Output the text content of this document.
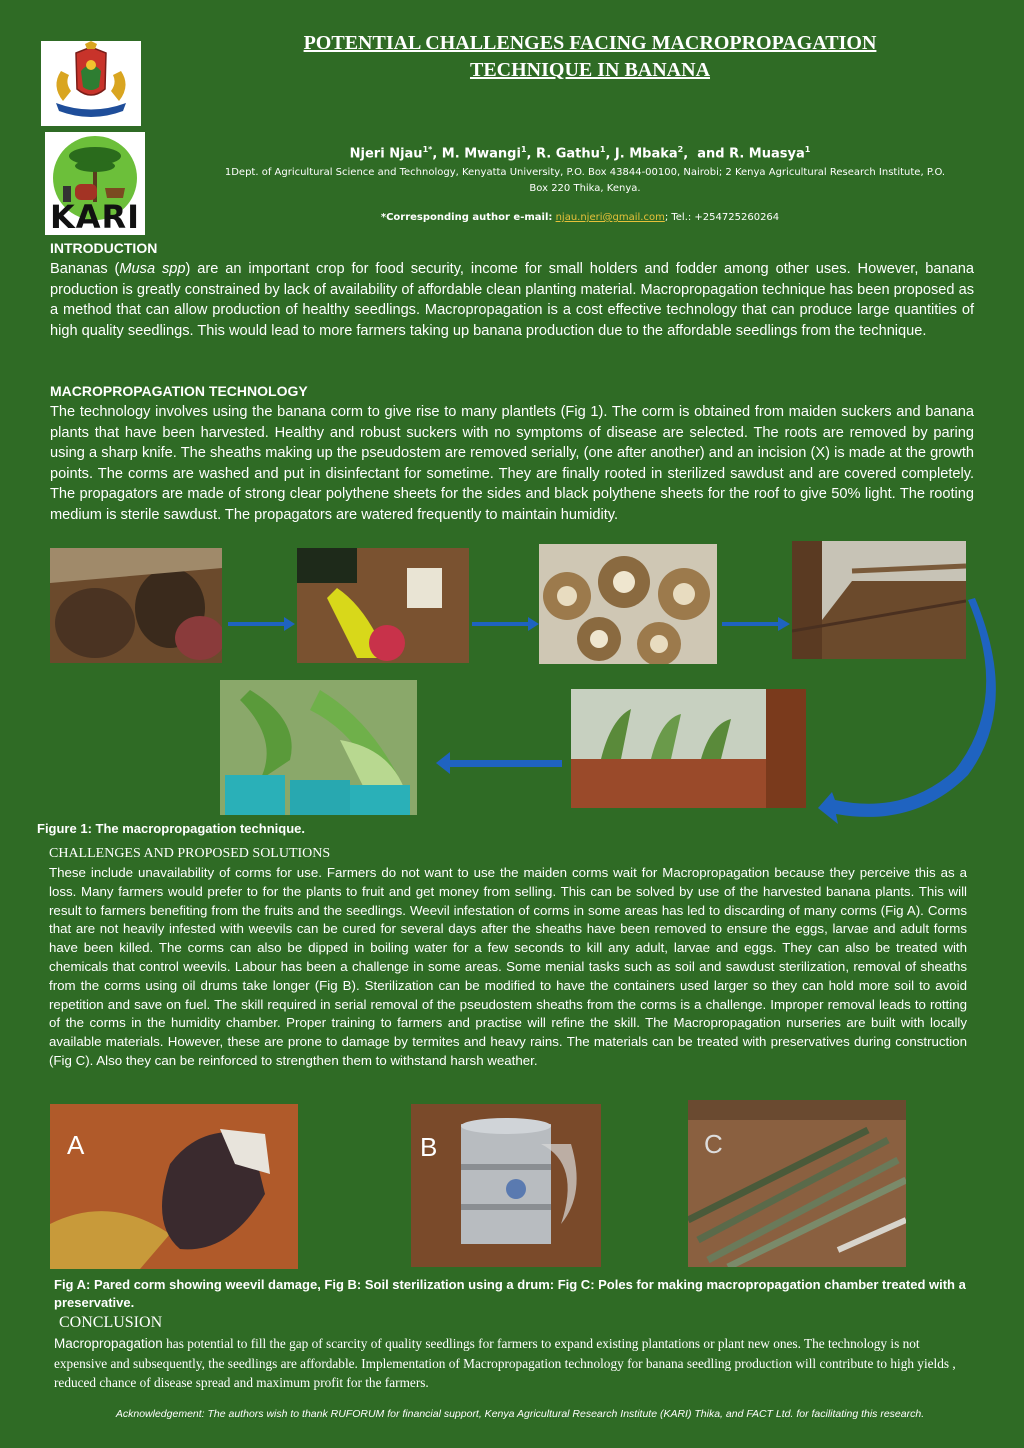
POTENTIAL CHALLENGES FACING MACROPROPAGATION
TECHNIQUE IN BANANA
KARI
Njeri Njau$^{1*}$, M. Mwangi$^1$, R. Gathu$^1$, J. Mbaka$^2$,  and R. Muasya$^1$
1Dept. of Agricultural Science and Technology, Kenyatta University, P.O. Box 43844-00100, Nairobi; 2 Kenya Agricultural Research Institute, P.O.
Box 220 Thika, Kenya.
*Corresponding author e-mail: njau.njeri@gmail.com; Tel.: +254725260264
INTRODUCTION
Bananas (Musa spp) are an important crop for food security, income for small holders and fodder among other uses. However, banana production is greatly constrained by lack of availability of affordable clean planting material. Macropropagation technique has been proposed as a method that can allow production of healthy seedlings. Macropropagation is a cost effective technology that can produce large quantities of high quality seedlings. This would lead to more farmers taking up banana production due to the affordable seedlings from the technique.
MACROPROPAGATION TECHNOLOGY
The technology involves using the banana corm to give rise to many plantlets (Fig 1). The corm is obtained from maiden suckers and banana plants that have been harvested. Healthy and robust suckers with no symptoms of disease are selected. The roots are removed by paring using a sharp knife. The sheaths making up the pseudostem are removed serially, (one after another) and an incision (X) is made at the growth points. The corms are washed and put in disinfectant for sometime. They are finally rooted in sterilized sawdust and are covered completely. The propagators are made of strong clear polythene sheets for the sides and black polythene sheets for the roof to give 50% light. The rooting medium is sterile sawdust. The propagators are watered frequently to maintain humidity.
Figure 1: The macropropagation technique.
CHALLENGES AND PROPOSED SOLUTIONS
These include unavailability of corms for use. Farmers do not want to use the maiden corms wait for Macropropagation because they perceive this as a loss. Many farmers would prefer to for the plants to fruit and get money from selling. This can be solved by use of the harvested banana plants. This will result to farmers benefiting from the fruits and the seedlings. Weevil infestation of corms in some areas has led to discarding of many corms (Fig A). Corms that are not heavily infested with weevils can be cured for several days after the sheaths have been removed to ensure the eggs, larvae and adult forms have been killed. The corms can also be dipped in boiling water for a few seconds to kill any adult, larvae and eggs. They can also be treated with chemicals that control weevils. Labour has been a challenge in some areas. Some menial tasks such as soil and sawdust sterilization, removal of sheaths from the corms using oil drums take longer (Fig B). Sterilization can be modified to have the containers used larger so they can hold more soil to avoid repetition and save on fuel. The skill required in serial removal of the pseudostem sheaths from the corms is a challenge. Improper removal leads to rotting of the corms in the humidity chamber. Proper training to farmers and practise will refine the skill. The Macropropagation nurseries are built with locally available materials. However, these are prone to damage by termites and heavy rains. The materials can be treated with preservatives during construction (Fig C). Also they can be reinforced to strengthen them to withstand harsh weather.
A	B	C
Fig A: Pared corm showing weevil damage, Fig B: Soil sterilization using a drum: Fig C: Poles for making macropropagation chamber treated with a preservative.
CONCLUSION
Macropropagation has potential to fill the gap of scarcity of quality seedlings for farmers to expand existing plantations or plant new ones. The technology is not expensive and subsequently, the seedlings are affordable. Implementation of Macropropagation technology for banana seedling production will contribute to high yields , reduced chance of disease spread and maximum profit for the farmers.
Acknowledgement: The authors wish to thank RUFORUM for financial support, Kenya Agricultural Research Institute (KARI) Thika, and FACT Ltd. for facilitating this research.
